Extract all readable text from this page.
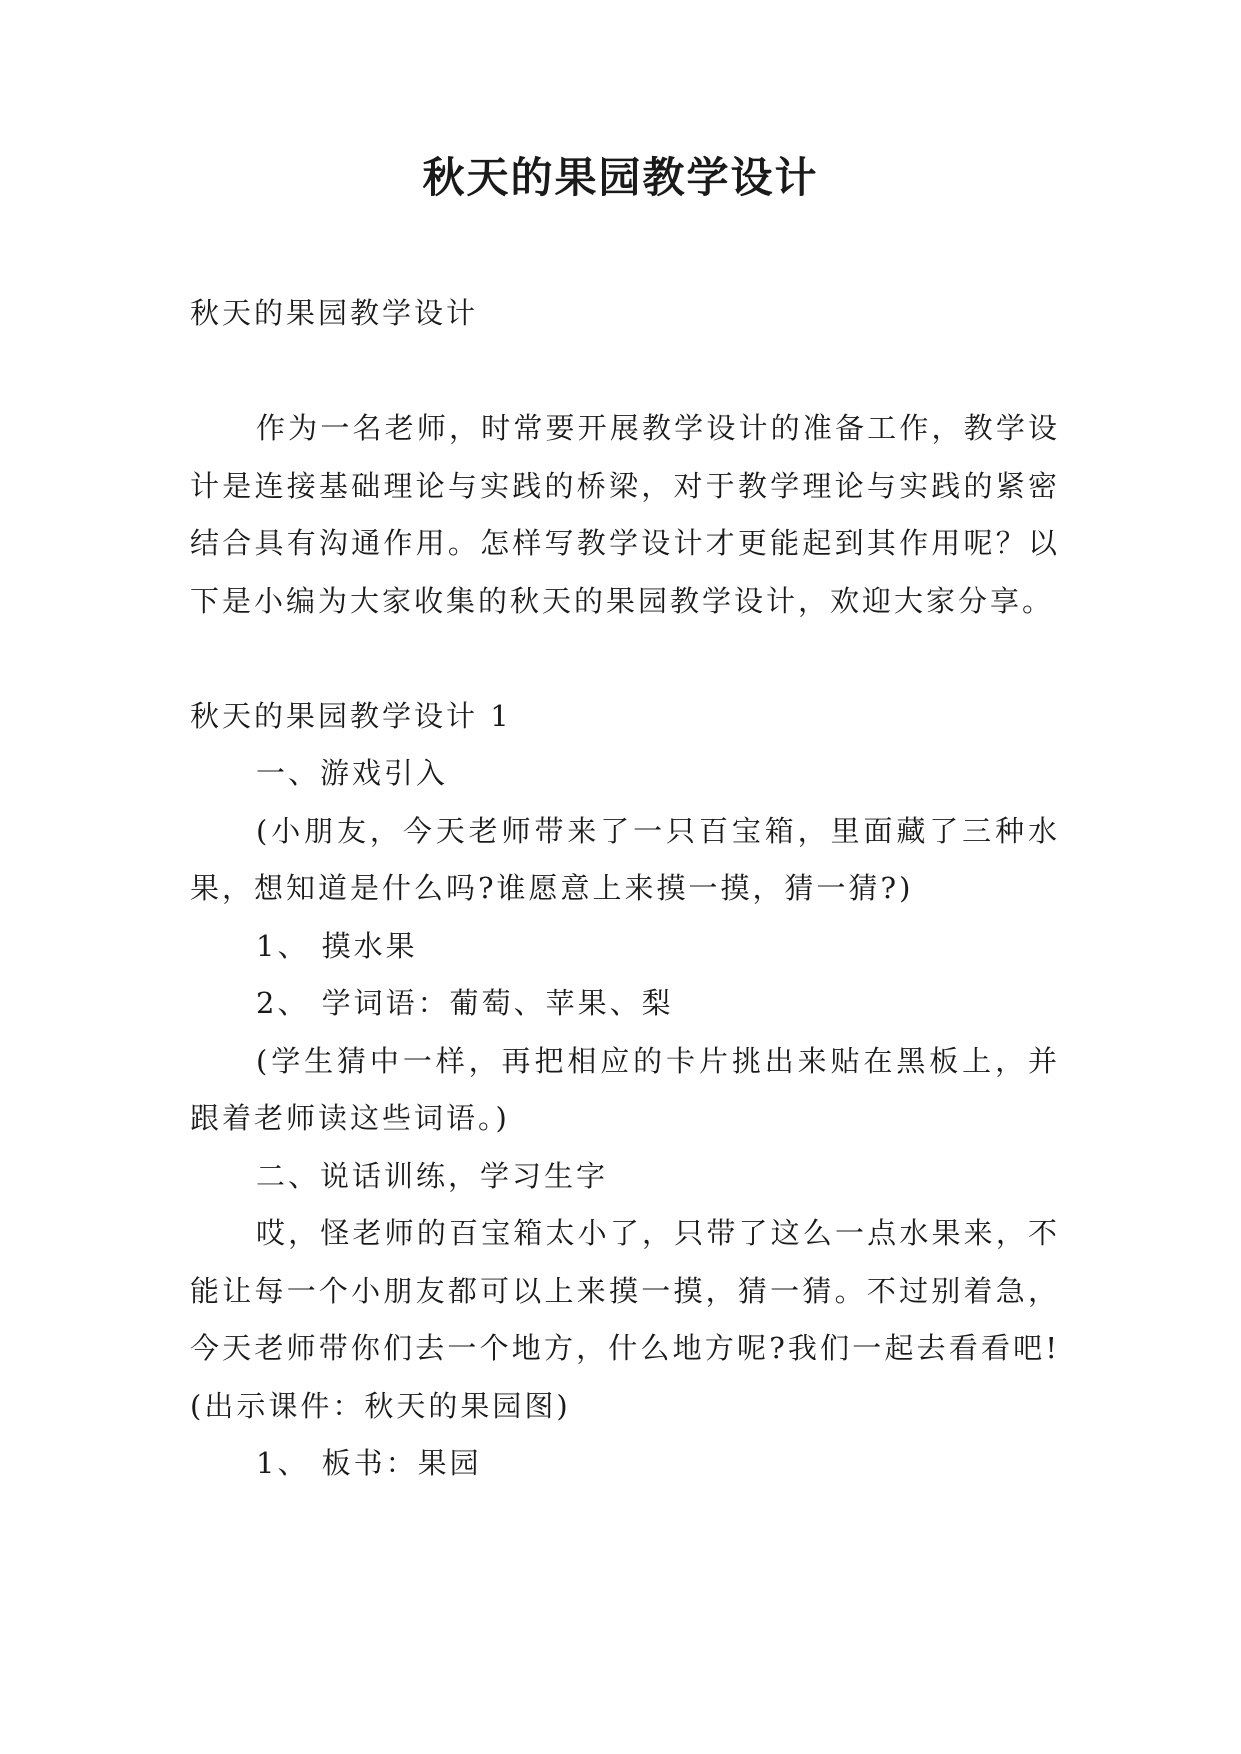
秋天的果园教学设计

秋天的果园教学设计

作为一名老师，时常要开展教学设计的准备工作，教学设计是连接基础理论与实践的桥梁，对于教学理论与实践的紧密结合具有沟通作用。怎样写教学设计才更能起到其作用呢？以下是小编为大家收集的秋天的果园教学设计，欢迎大家分享。

秋天的果园教学设计 1

一、游戏引入

(小朋友，今天老师带来了一只百宝箱，里面藏了三种水果，想知道是什么吗?谁愿意上来摸一摸，猜一猜?)

1、 摸水果

2、 学词语：葡萄、苹果、梨

(学生猜中一样，再把相应的卡片挑出来贴在黑板上，并跟着老师读这些词语。)

二、说话训练，学习生字

哎，怪老师的百宝箱太小了，只带了这么一点水果来，不能让每一个小朋友都可以上来摸一摸，猜一猜。不过别着急，今天老师带你们去一个地方，什么地方呢?我们一起去看看吧!(出示课件：秋天的果园图)

1、 板书：果园
